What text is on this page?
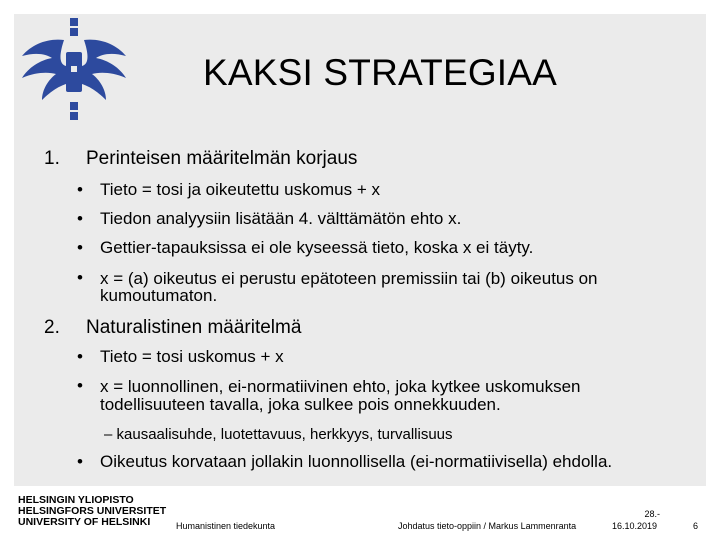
KAKSI STRATEGIAA
1. Perinteisen määritelmän korjaus
• Tieto = tosi ja oikeutettu uskomus + x
• Tiedon analyysiin lisätään 4. välttämätön ehto x.
• Gettier-tapauksissa ei ole kyseessä tieto, koska x ei täyty.
• x = (a) oikeutus ei perustu epätoteen premissiin tai (b) oikeutus on
kumoutumaton.
2. Naturalistinen määritelmä
• Tieto = tosi uskomus + x
• x = luonnollinen, ei-normatiivinen ehto, joka kytkee uskomuksen
todellisuuteen tavalla, joka sulkee pois onnekkuuden.
– kausaalisuhde, luotettavuus, herkkyys, turvallisuus
• Oikeutus korvataan jollakin luonnollisella (ei-normatiivisella) ehdolla.
HELSINGIN YLIOPISTO
HELSINGFORS UNIVERSITET
UNIVERSITY OF HELSINKI	Humanistinen tiedekunta	Johdatus tieto-oppiin / Markus Lammenranta
28.-
16.10.2019	6
